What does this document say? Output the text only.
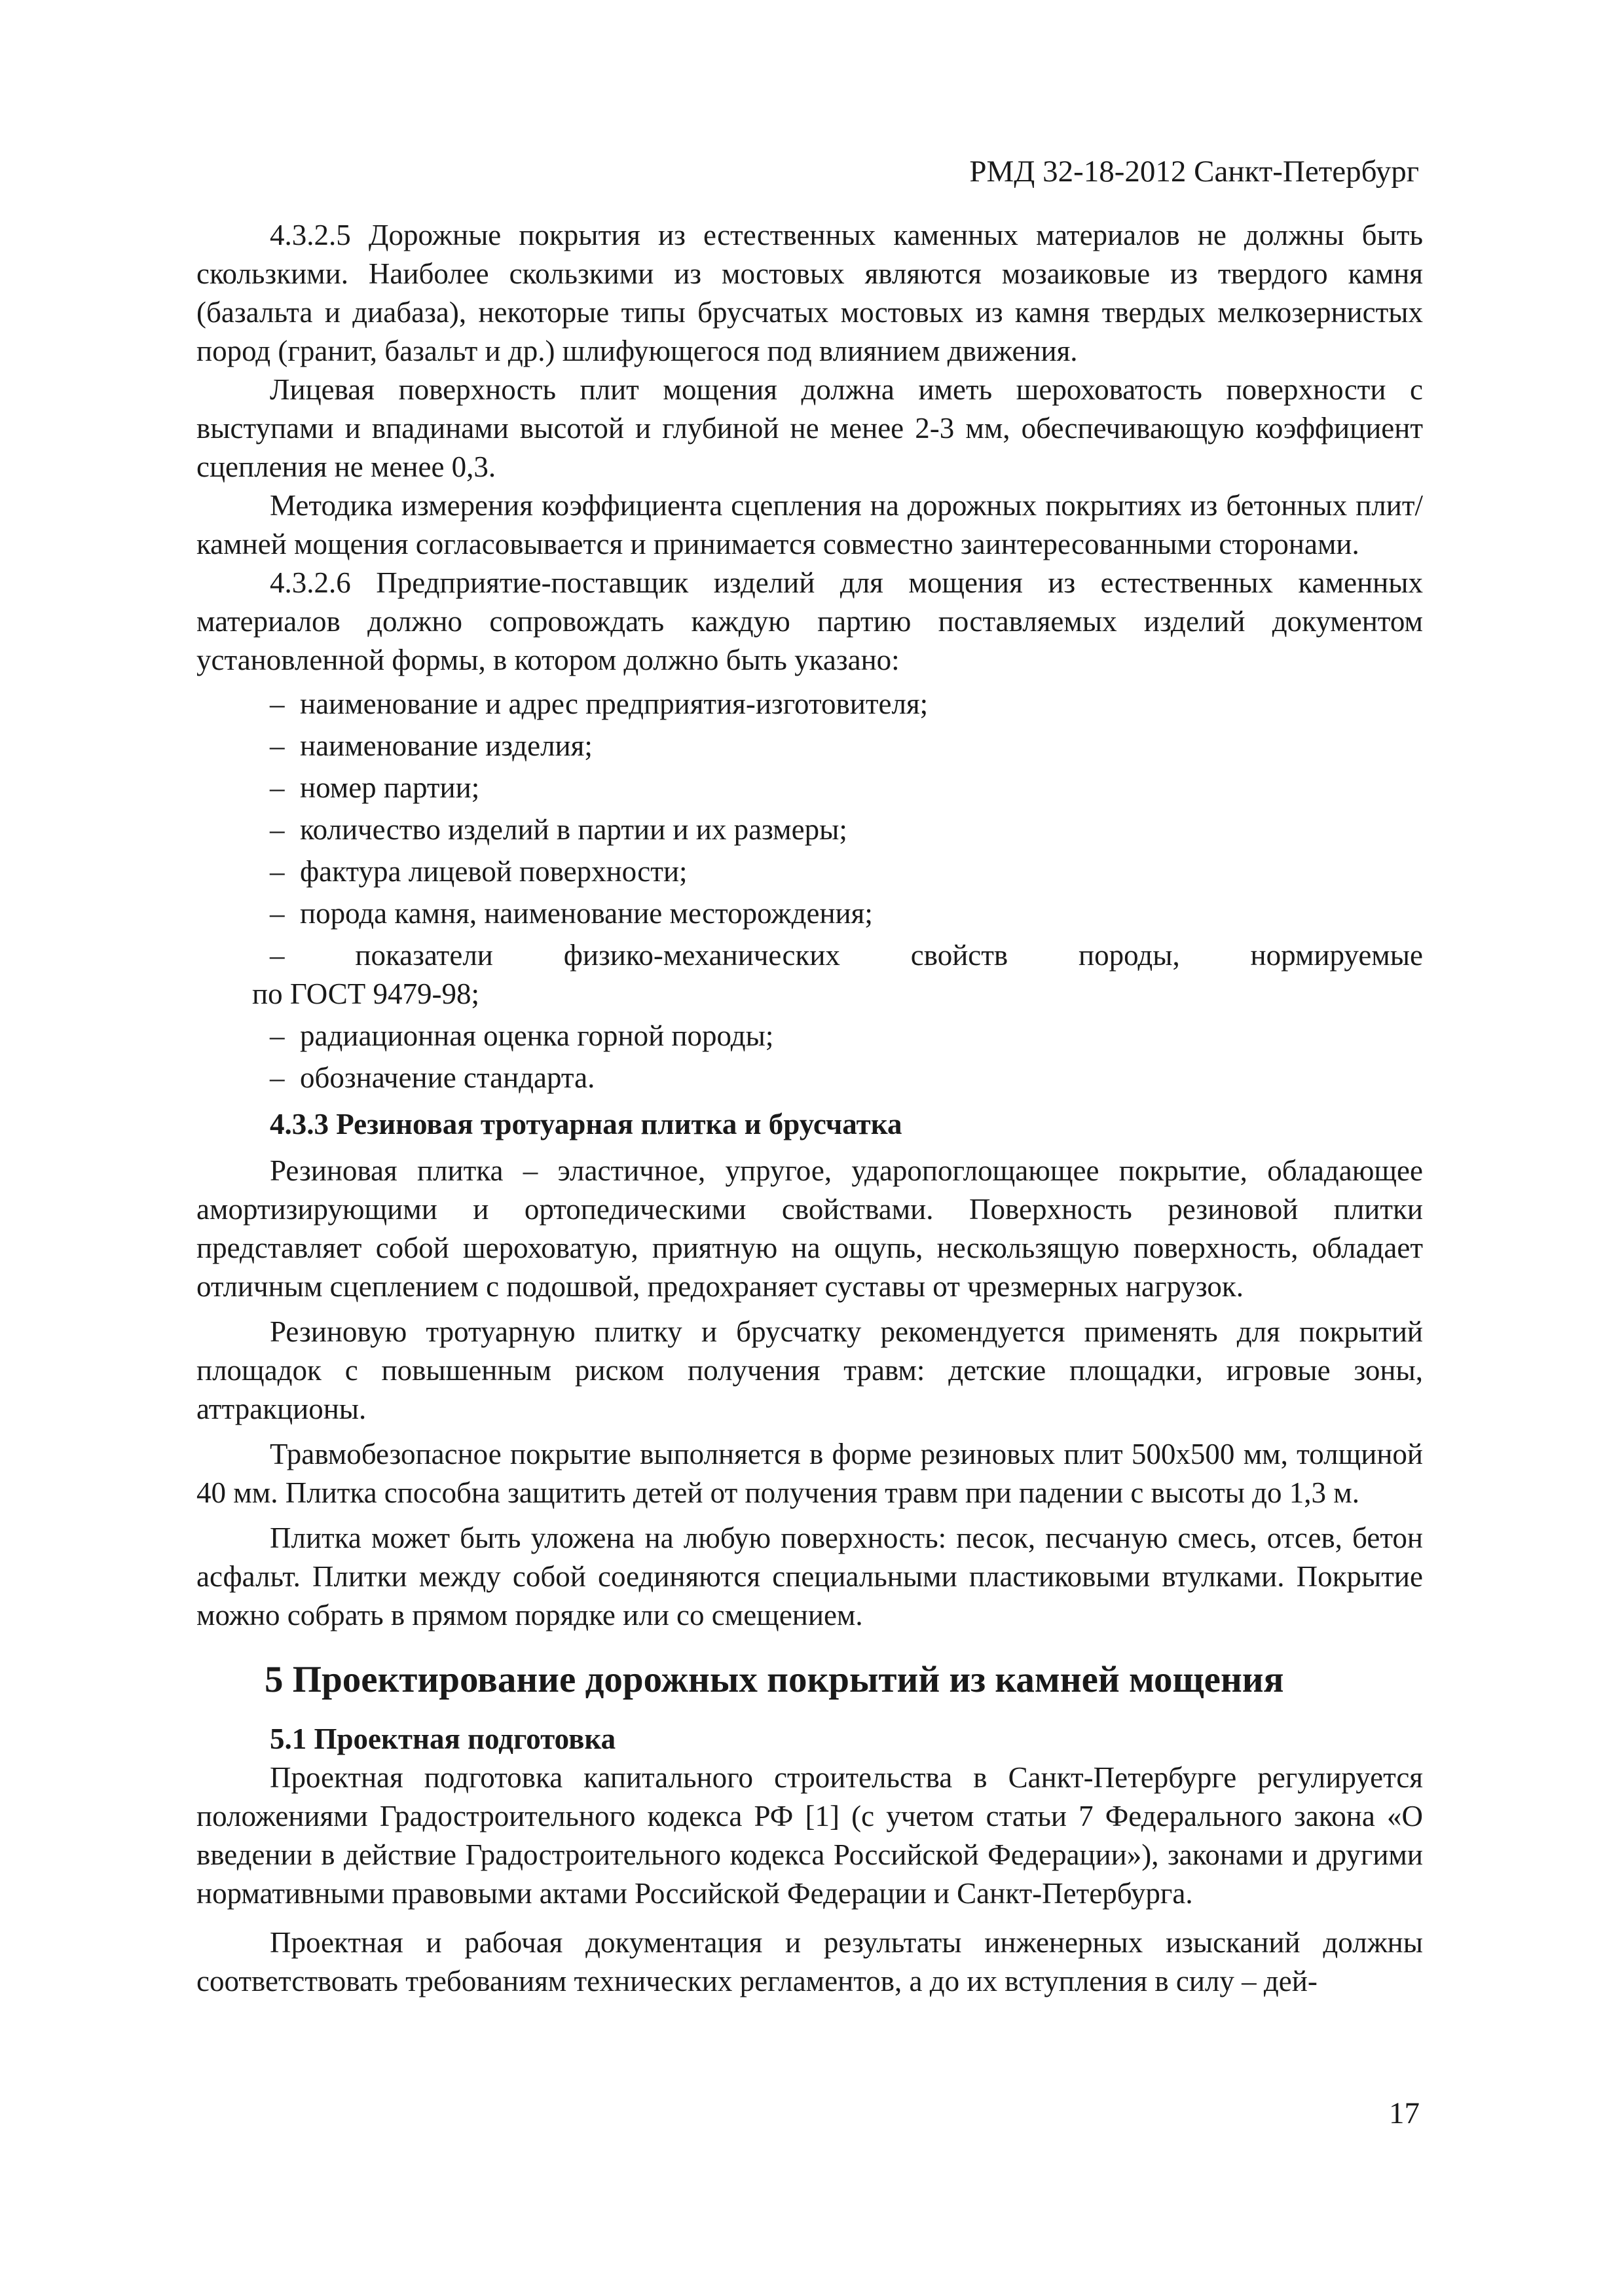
РМД 32-18-2012 Санкт-Петербург

4.3.2.5 Дорожные покрытия из естественных каменных материалов не должны быть скользкими. Наиболее скользкими из мостовых являются мозаиковые из твердого камня (базальта и диабаза), некоторые типы брусчатых мостовых из камня твердых мелкозернистых пород (гранит, базальт и др.) шлифующегося под влиянием движения.

Лицевая поверхность плит мощения должна иметь шероховатость поверхности с выступами и впадинами высотой и глубиной не менее 2-3 мм, обеспечивающую коэффициент сцепления не менее 0,3.

Методика измерения коэффициента сцепления на дорожных покрытиях из бетонных плит/камней мощения согласовывается и принимается совместно заинтересованными сторонами.

4.3.2.6 Предприятие-поставщик изделий для мощения из естественных каменных материалов должно сопровождать каждую партию поставляемых изделий документом установленной формы, в котором должно быть указано:

– наименование и адрес предприятия-изготовителя;
– наименование изделия;
– номер партии;
– количество изделий в партии и их размеры;
– фактура лицевой поверхности;
– порода камня, наименование месторождения;
– показатели физико-механических свойств породы, нормируемые
по ГОСТ 9479-98;
– радиационная оценка горной породы;
– обозначение стандарта.
4.3.3 Резиновая тротуарная плитка и брусчатка

Резиновая плитка – эластичное, упругое, ударопоглощающее покрытие, обладающее амортизирующими и ортопедическими свойствами. Поверхность резиновой плитки представляет собой шероховатую, приятную на ощупь, нескользящую поверхность, обладает отличным сцеплением с подошвой, предохраняет суставы от чрезмерных нагрузок.

Резиновую тротуарную плитку и брусчатку рекомендуется применять для покрытий площадок с повышенным риском получения травм: детские площадки, игровые зоны, аттракционы.

Травмобезопасное покрытие выполняется в форме резиновых плит 500x500 мм, толщиной 40 мм. Плитка способна защитить детей от получения травм при падении с высоты до 1,3 м.

Плитка может быть уложена на любую поверхность: песок, песчаную смесь, отсев, бетон асфальт. Плитки между собой соединяются специальными пластиковыми втулками. Покрытие можно собрать в прямом порядке или со смещением.

5 Проектирование дорожных покрытий из камней мощения
5.1 Проектная подготовка

Проектная подготовка капитального строительства в Санкт-Петербурге регулируется положениями Градостроительного кодекса РФ [1] (с учетом статьи 7 Федерального закона «О введении в действие Градостроительного кодекса Российской Федерации»), законами и другими нормативными правовыми актами Российской Федерации и Санкт-Петербурга.

Проектная и рабочая документация и результаты инженерных изысканий должны соответствовать требованиям технических регламентов, а до их вступления в силу – дей-

17
